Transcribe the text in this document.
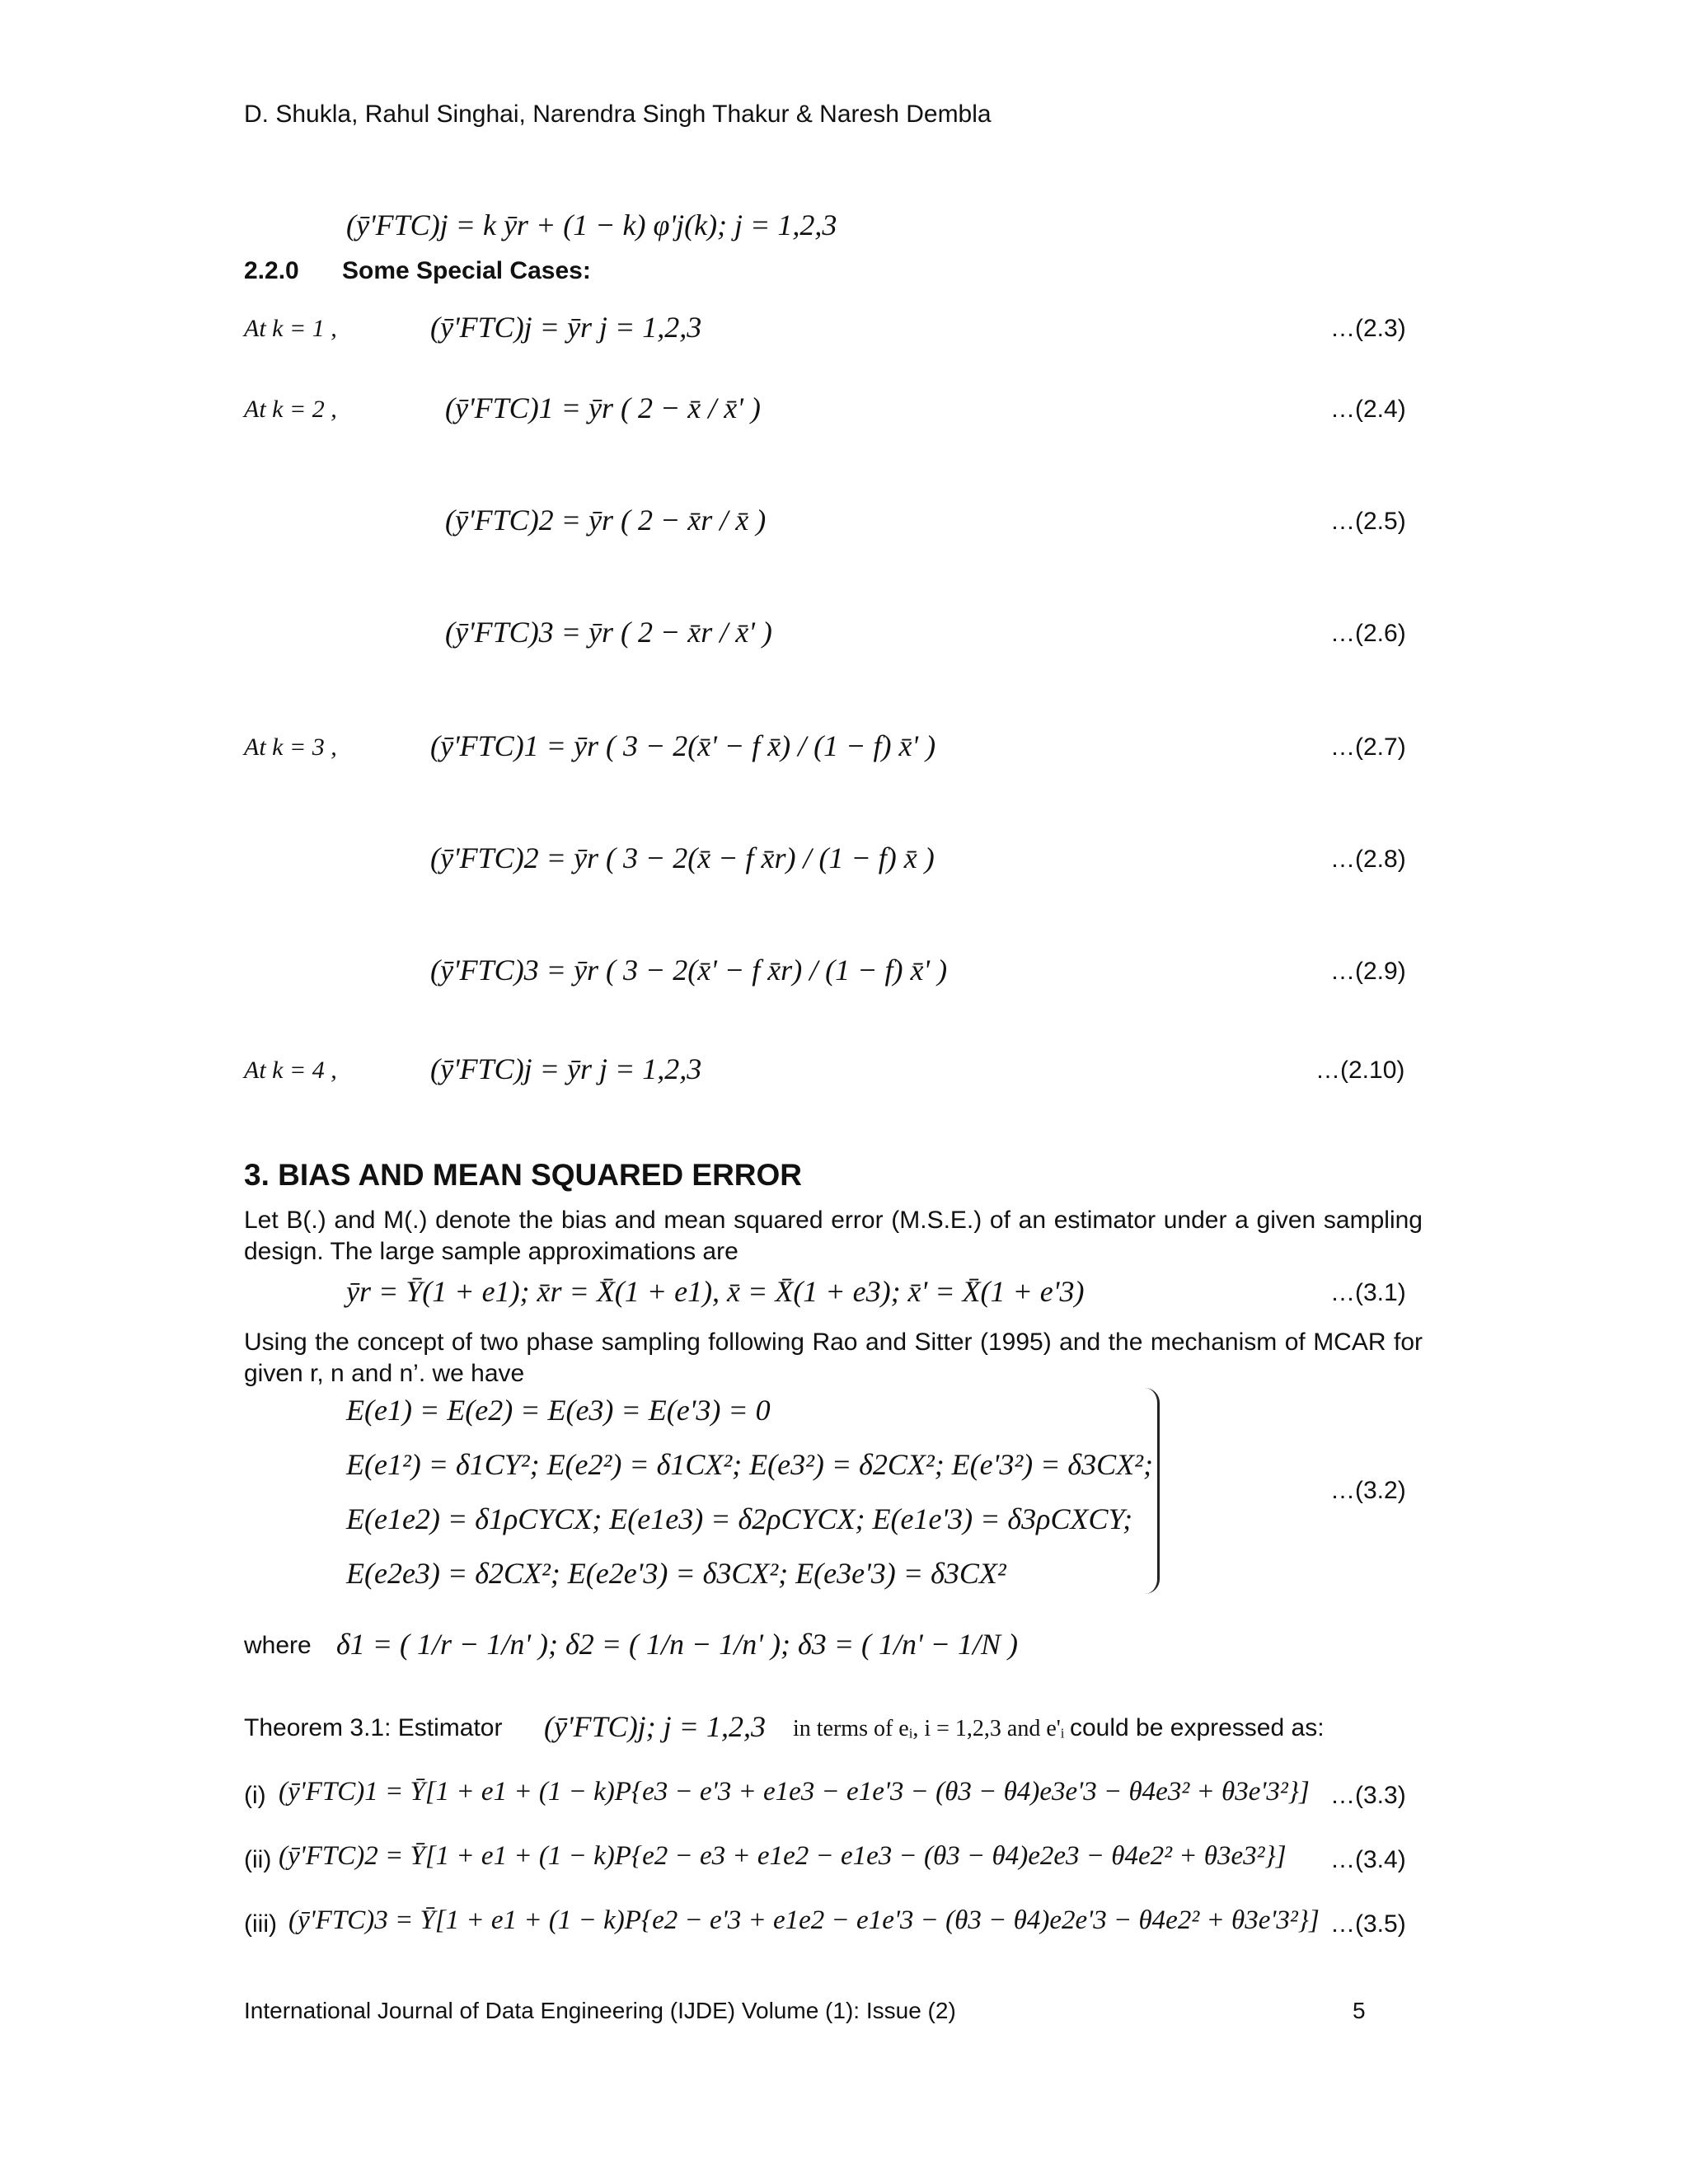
D. Shukla, Rahul Singhai, Narendra Singh Thakur & Naresh Dembla
(ȳ'FTC)j = k ȳr + (1 − k) φ'j(k); j = 1,2,3
2.2.0 Some Special Cases:
At k = 1 ,	(ȳ'FTC)j = ȳr j = 1,2,3	…(2.3)
At k = 2 ,	(ȳ'FTC)1 = ȳr ( 2 − x̄ / x̄' )	…(2.4)
(ȳ'FTC)2 = ȳr ( 2 − x̄r / x̄ )	…(2.5)
(ȳ'FTC)3 = ȳr ( 2 − x̄r / x̄' )	…(2.6)
At k = 3 ,	(ȳ'FTC)1 = ȳr ( 3 − 2(x̄' − f x̄) / (1 − f) x̄' )	…(2.7)
(ȳ'FTC)2 = ȳr ( 3 − 2(x̄ − f x̄r) / (1 − f) x̄ )	…(2.8)
(ȳ'FTC)3 = ȳr ( 3 − 2(x̄' − f x̄r) / (1 − f) x̄' )	…(2.9)
At k = 4 ,	(ȳ'FTC)j = ȳr j = 1,2,3	…(2.10)
3. BIAS AND MEAN SQUARED ERROR
Let B(.) and M(.) denote the bias and mean squared error (M.S.E.) of an estimator under a given sampling design. The large sample approximations are
ȳr = Ȳ(1 + e1); x̄r = X̄(1 + e1), x̄ = X̄(1 + e3); x̄' = X̄(1 + e'3)	…(3.1)
Using the concept of two phase sampling following Rao and Sitter (1995) and the mechanism of MCAR for given r, n and n’. we have
E(e1) = E(e2) = E(e3) = E(e'3) = 0
E(e1²) = δ1CY²; E(e2²) = δ1CX²; E(e3²) = δ2CX²; E(e'3²) = δ3CX²;
E(e1e2) = δ1ρCYCX; E(e1e3) = δ2ρCYCX; E(e1e'3) = δ3ρCXCY;
E(e2e3) = δ2CX²; E(e2e'3) = δ3CX²; E(e3e'3) = δ3CX²
…(3.2)
where δ1 = ( 1/r − 1/n' ); δ2 = ( 1/n − 1/n' ); δ3 = ( 1/n' − 1/N )
Theorem 3.1: Estimator (ȳ'FTC)j; j = 1,2,3 in terms of eᵢ, i = 1,2,3 and e'ᵢ could be expressed as:
(i) (ȳ'FTC)1 = Ȳ[1 + e1 + (1 − k)P{e3 − e'3 + e1e3 − e1e'3 − (θ3 − θ4)e3e'3 − θ4e3² + θ3e'3²}] …(3.3)
(ii) (ȳ'FTC)2 = Ȳ[1 + e1 + (1 − k)P{e2 − e3 + e1e2 − e1e3 − (θ3 − θ4)e2e3 − θ4e2² + θ3e3²}] …(3.4)
(iii) (ȳ'FTC)3 = Ȳ[1 + e1 + (1 − k)P{e2 − e'3 + e1e2 − e1e'3 − (θ3 − θ4)e2e'3 − θ4e2² + θ3e'3²}] …(3.5)
International Journal of Data Engineering (IJDE) Volume (1): Issue (2)	5
